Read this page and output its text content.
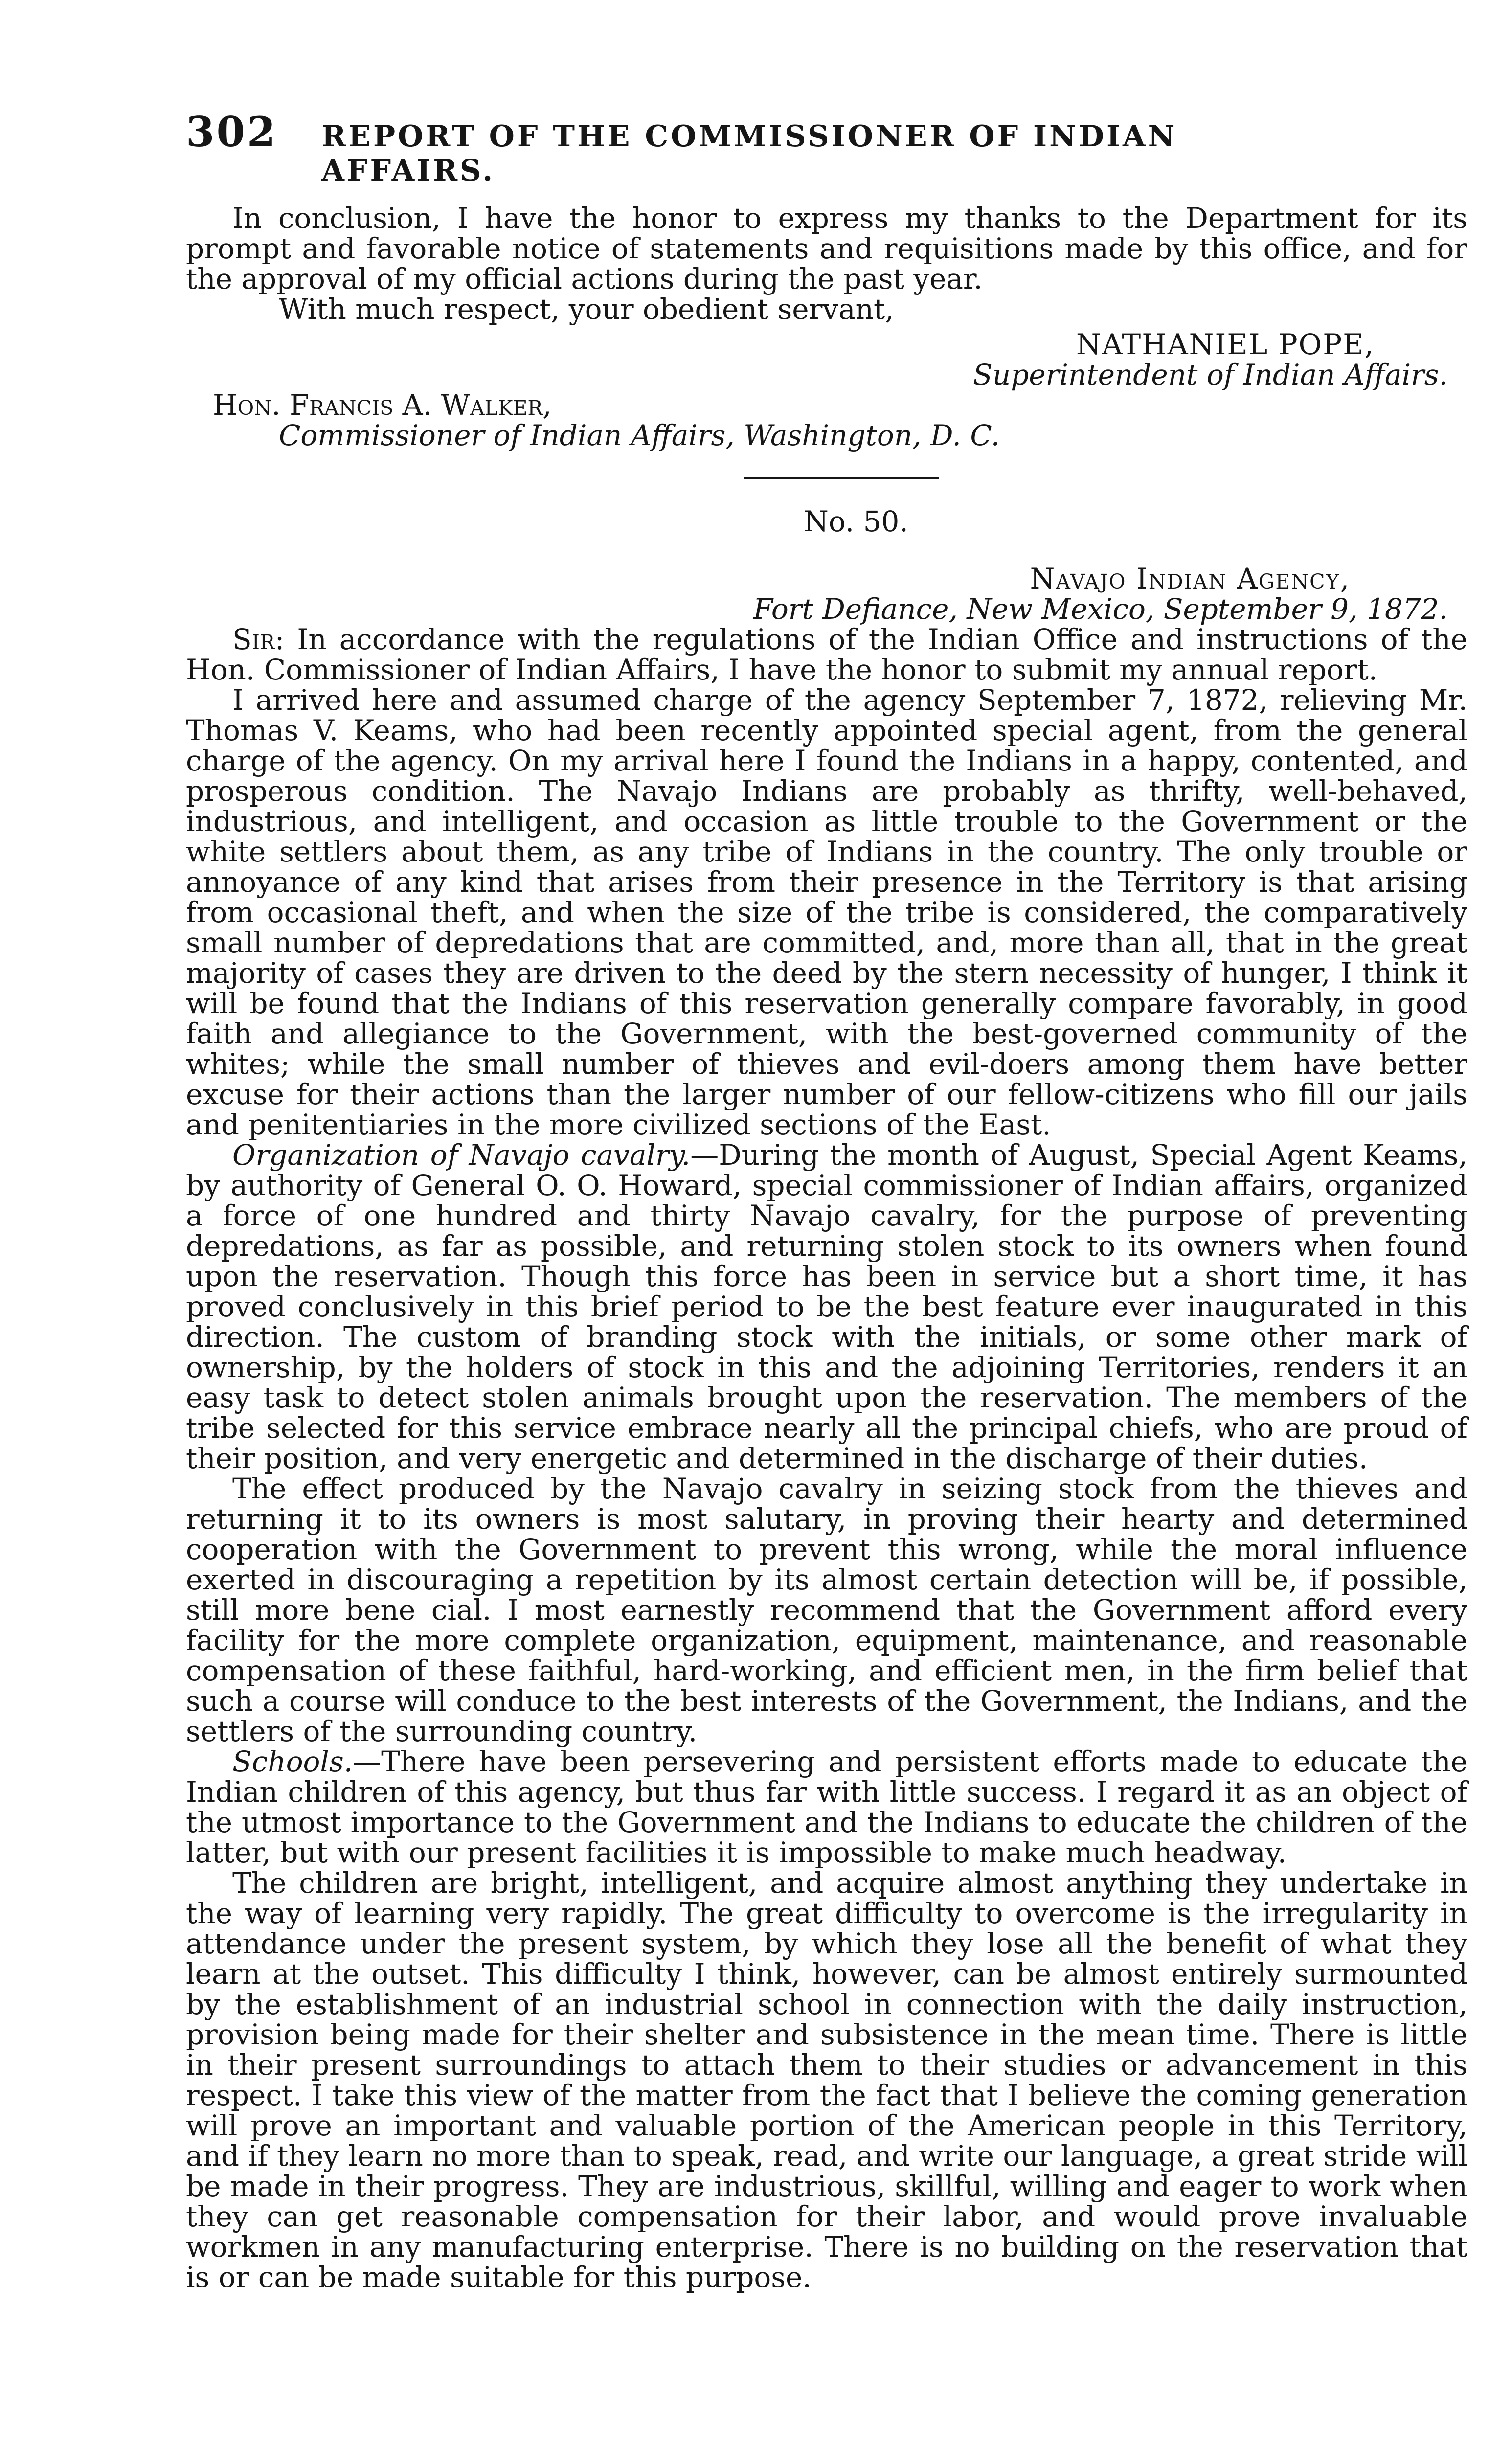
302 REPORT OF THE COMMISSIONER OF INDIAN AFFAIRS.

In conclusion, I have the honor to express my thanks to the Department for its prompt and favorable notice of statements and requisitions made by this office, and for the approval of my official actions during the past year.

With much respect, your obedient servant,

NATHANIEL POPE,
Superintendent of Indian Affairs.

Hon. Francis A. Walker,

Commissioner of Indian Affairs, Washington, D. C.

No. 50.

Navajo Indian Agency,

Fort Defiance, New Mexico, September 9, 1872.

Sir: In accordance with the regulations of the Indian Office and instructions of the Hon. Commissioner of Indian Affairs, I have the honor to submit my annual report.

I arrived here and assumed charge of the agency September 7, 1872, relieving Mr. Thomas V. Keams, who had been recently appointed special agent, from the general charge of the agency. On my arrival here I found the Indians in a happy, contented, and prosperous condition. The Navajo Indians are probably as thrifty, well-behaved, industrious, and intelligent, and occasion as little trouble to the Government or the white settlers about them, as any tribe of Indians in the country. The only trouble or annoyance of any kind that arises from their presence in the Territory is that arising from occasional theft, and when the size of the tribe is considered, the comparatively small number of depredations that are committed, and, more than all, that in the great majority of cases they are driven to the deed by the stern necessity of hunger, I think it will be found that the Indians of this reservation generally compare favorably, in good faith and allegiance to the Government, with the best-governed community of the whites; while the small number of thieves and evil-doers among them have better excuse for their actions than the larger number of our fellow-citizens who fill our jails and penitentiaries in the more civilized sections of the East.

Organization of Navajo cavalry.—During the month of August, Special Agent Keams, by authority of General O. O. Howard, special commissioner of Indian affairs, organized a force of one hundred and thirty Navajo cavalry, for the purpose of preventing depredations, as far as possible, and returning stolen stock to its owners when found upon the reservation. Though this force has been in service but a short time, it has proved conclusively in this brief period to be the best feature ever inaugurated in this direction. The custom of branding stock with the initials, or some other mark of ownership, by the holders of stock in this and the adjoining Territories, renders it an easy task to detect stolen animals brought upon the reservation. The members of the tribe selected for this service embrace nearly all the principal chiefs, who are proud of their position, and very energetic and determined in the discharge of their duties.

The effect produced by the Navajo cavalry in seizing stock from the thieves and returning it to its owners is most salutary, in proving their hearty and determined cooperation with the Government to prevent this wrong, while the moral influence exerted in discouraging a repetition by its almost certain detection will be, if possible, still more bene cial. I most earnestly recommend that the Government afford every facility for the more complete organization, equipment, maintenance, and reasonable compensation of these faithful, hard-working, and efficient men, in the firm belief that such a course will conduce to the best interests of the Government, the Indians, and the settlers of the surrounding country.

Schools.—There have been persevering and persistent efforts made to educate the Indian children of this agency, but thus far with little success. I regard it as an object of the utmost importance to the Government and the Indians to educate the children of the latter, but with our present facilities it is impossible to make much headway.

The children are bright, intelligent, and acquire almost anything they undertake in the way of learning very rapidly. The great difficulty to overcome is the irregularity in attendance under the present system, by which they lose all the benefit of what they learn at the outset. This difficulty I think, however, can be almost entirely surmounted by the establishment of an industrial school in connection with the daily instruction, provision being made for their shelter and subsistence in the mean time. There is little in their present surroundings to attach them to their studies or advancement in this respect. I take this view of the matter from the fact that I believe the coming generation will prove an important and valuable portion of the American people in this Territory, and if they learn no more than to speak, read, and write our language, a great stride will be made in their progress. They are industrious, skillful, willing and eager to work when they can get reasonable compensation for their labor, and would prove invaluable workmen in any manufacturing enterprise. There is no building on the reservation that is or can be made suitable for this purpose.
